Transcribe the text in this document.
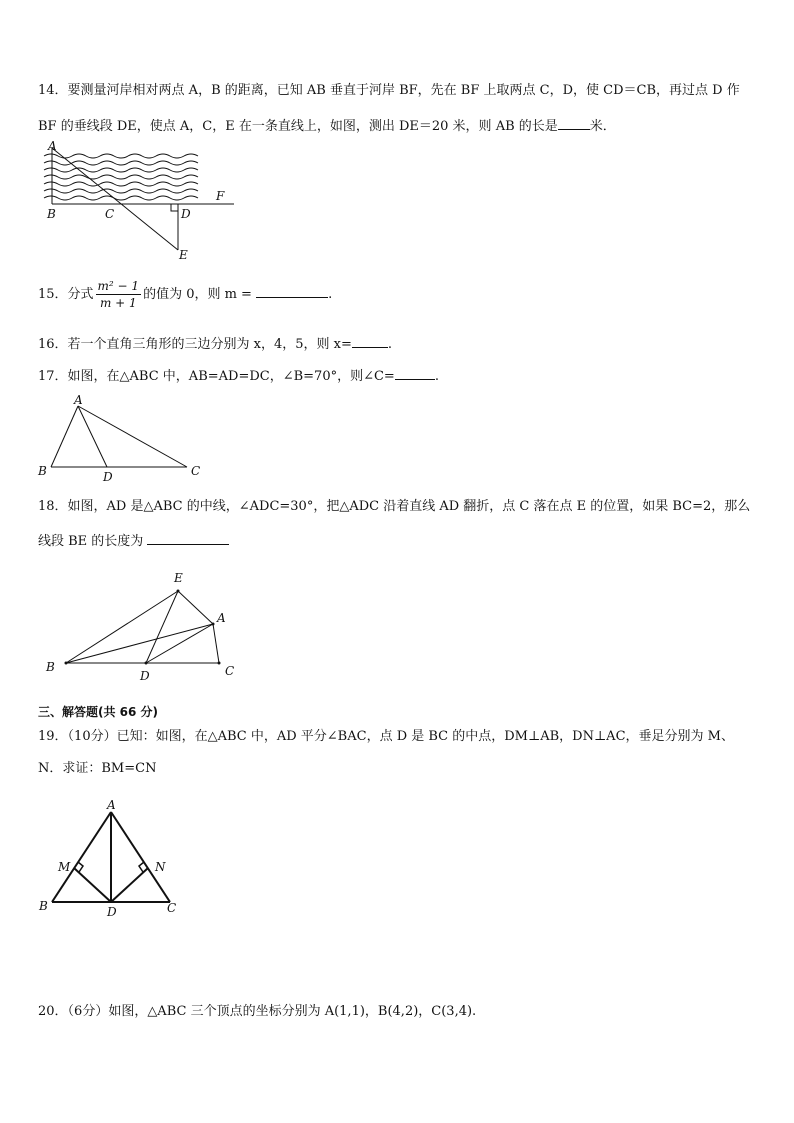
14．要测量河岸相对两点 A，B 的距离，已知 AB 垂直于河岸 BF，先在 BF 上取两点 C，D，使 CD＝CB，再过点 D 作
BF 的垂线段 DE，使点 A，C，E 在一条直线上，如图，测出 DE＝20 米，则 AB 的长是 米．
A
B	C	D
E
F
15．分式 $\frac{\text{m² − 1}}{m + 1}$ 的值为 0，则 m =	.
16．若一个直角三角形的三边分别为 x，4，5，则 x=	.
17．如图，在△ABC 中，AB=AD=DC，∠B=70°，则∠C=	.
A
B	D	C
18．如图，AD 是△ABC 的中线，∠ADC=30°，把△ADC 沿着直线 AD 翻折，点 C 落在点 E 的位置，如果 BC=2，那么
线段 BE 的长度为
E
A
B
D	C
三、解答题(共 66 分)
19．（10分）已知：如图，在△ABC 中，AD 平分∠BAC，点 D 是 BC 的中点，DM⊥AB，DN⊥AC，垂足分别为 M、
N．求证：BM=CN
A
M	N
B	D	C
20．（6分）如图，△ABC 三个顶点的坐标分别为 A(1,1)，B(4,2)，C(3,4).
